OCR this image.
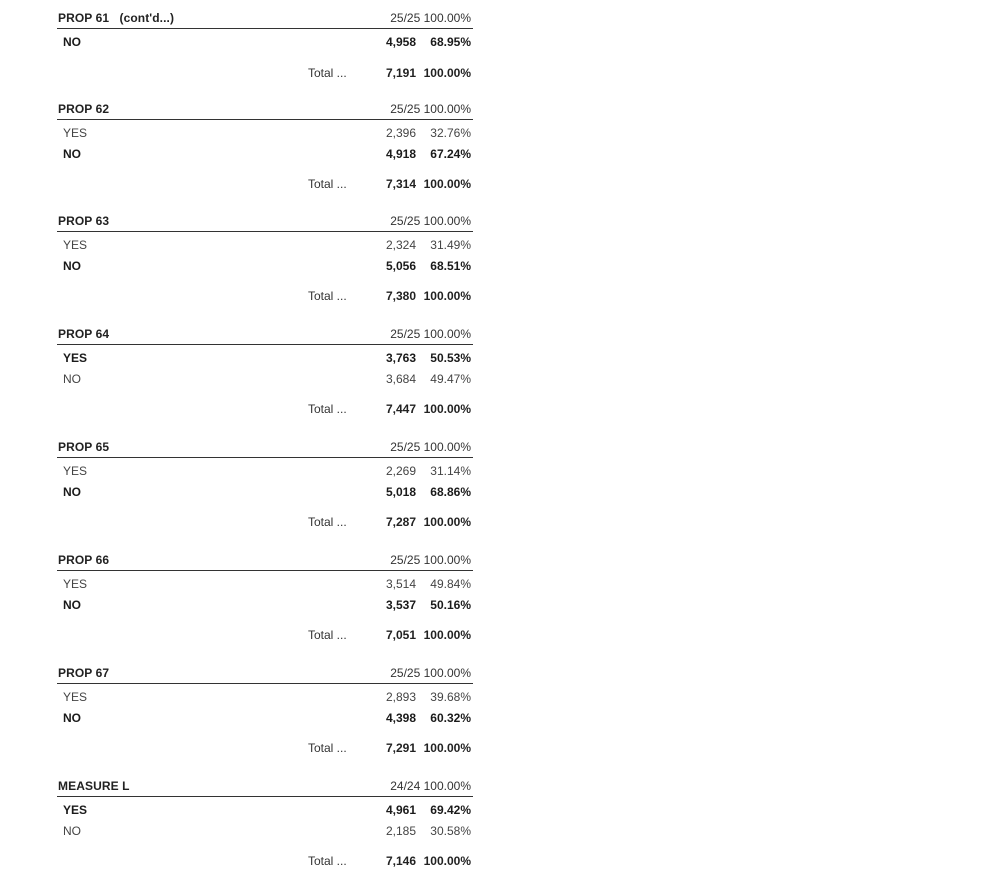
PROP 61   (cont'd...)	25/25 100.00%
NO	4,958 68.95%
Total ...	7,191 100.00%
PROP 62	25/25 100.00%
YES	2,396 32.76%
NO	4,918 67.24%
Total ...	7,314 100.00%
PROP 63	25/25 100.00%
YES	2,324 31.49%
NO	5,056 68.51%
Total ...	7,380 100.00%
PROP 64	25/25 100.00%
YES	3,763 50.53%
NO	3,684 49.47%
Total ...	7,447 100.00%
PROP 65	25/25 100.00%
YES	2,269 31.14%
NO	5,018 68.86%
Total ...	7,287 100.00%
PROP 66	25/25 100.00%
YES	3,514 49.84%
NO	3,537 50.16%
Total ...	7,051 100.00%
PROP 67	25/25 100.00%
YES	2,893 39.68%
NO	4,398 60.32%
Total ...	7,291 100.00%
MEASURE L	24/24 100.00%
YES	4,961 69.42%
NO	2,185 30.58%
Total ...	7,146 100.00%
